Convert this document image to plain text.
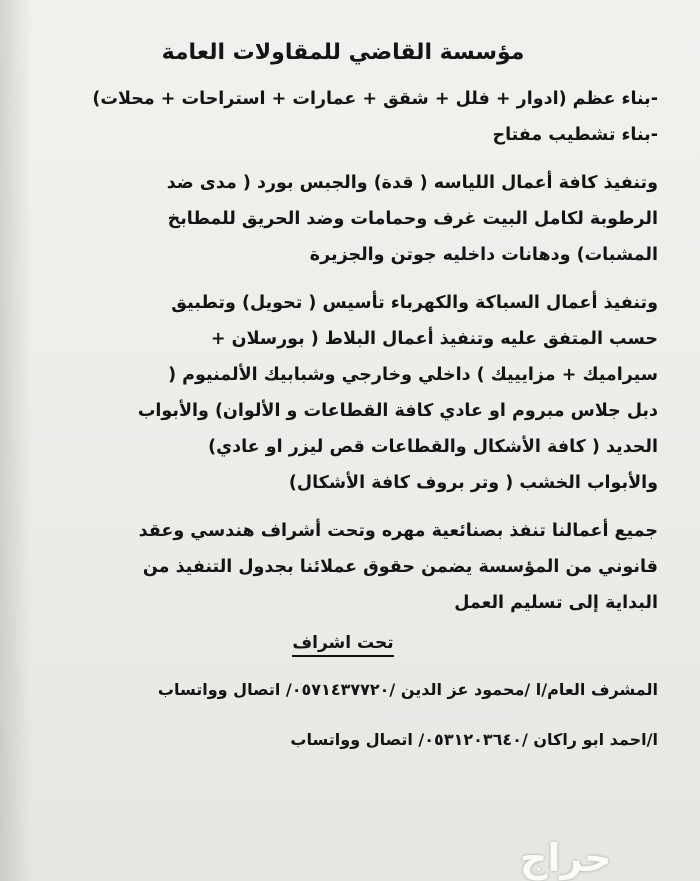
مؤسسة القاضي للمقاولات العامة

-بناء عظم (ادوار + فلل + شقق + عمارات + استراحات + محلات)

-بناء تشطيب مفتاح

وتنفيذ كافة أعمال اللياسه ( قدة) والجبس بورد ( مدى ضد

الرطوبة لكامل البيت غرف وحمامات وضد الحريق للمطابخ

المشبات) ودهانات داخليه جوتن والجزيرة

وتنفيذ أعمال السباكة والكهرباء تأسيس ( تحويل) وتطبيق

حسب المتفق عليه وتنفيذ أعمال البلاط ( بورسلان +

سيراميك + مزايييك ) داخلي وخارجي وشبابيك الألمنيوم (

دبل جلاس مبروم او عادي كافة القطاعات و الألوان) والأبواب

الحديد ( كافة الأشكال والقطاعات قص ليزر او عادي)

والأبواب الخشب ( وتر بروف كافة الأشكال)

جميع أعمالنا تنفذ بصنائعية مهره وتحت أشراف هندسي وعقد

قانوني من المؤسسة يضمن حقوق عملائنا بجدول التنفيذ من

البداية إلى تسليم العمل

تحت اشراف

المشرف العام/ا /محمود عز الدين /٠٥٧١٤٣٧٧٢٠/ اتصال وواتساب

ا/احمد ابو راكان /٠٥٣١٢٠٣٦٤٠/ اتصال وواتساب

حراج
